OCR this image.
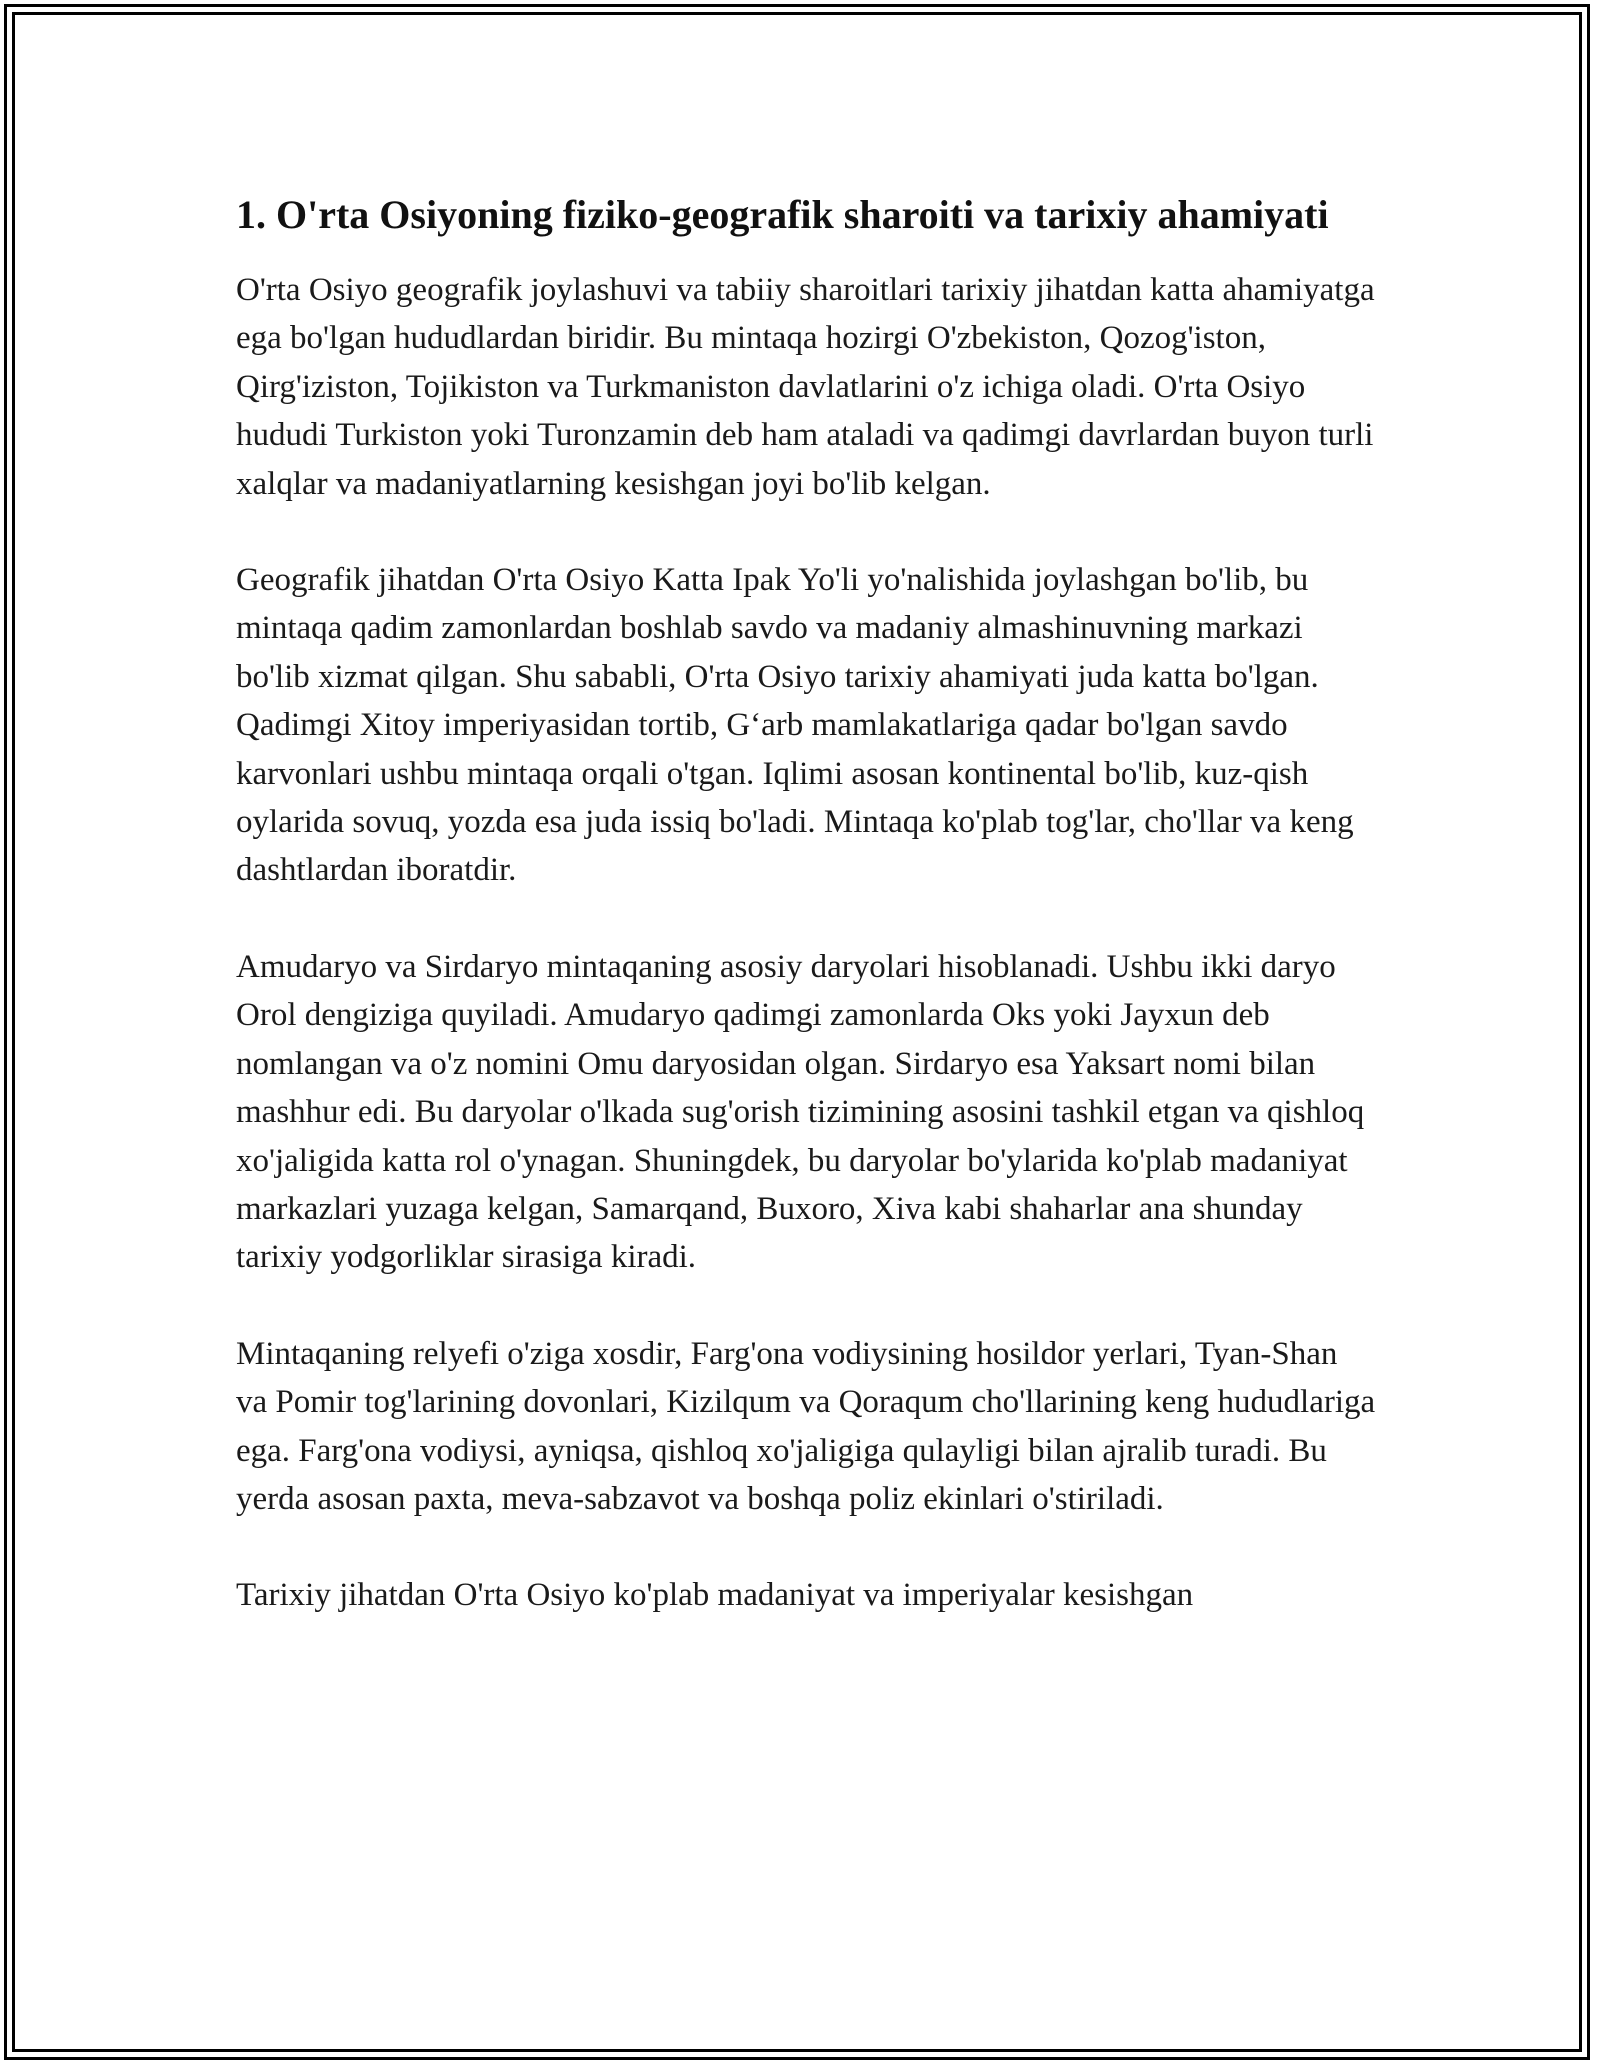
1. O'rta Osiyoning fiziko-geografik sharoiti va tarixiy ahamiyati

O'rta Osiyo geografik joylashuvi va tabiiy sharoitlari tarixiy jihatdan katta ahamiyatga ega bo'lgan hududlardan biridir. Bu mintaqa hozirgi O'zbekiston, Qozog'iston, Qirg'iziston, Tojikiston va Turkmaniston davlatlarini o'z ichiga oladi. O'rta Osiyo hududi Turkiston yoki Turonzamin deb ham ataladi va qadimgi davrlardan buyon turli xalqlar va madaniyatlarning kesishgan joyi bo'lib kelgan.

Geografik jihatdan O'rta Osiyo Katta Ipak Yo'li yo'nalishida joylashgan bo'lib, bu mintaqa qadim zamonlardan boshlab savdo va madaniy almashinuvning markazi bo'lib xizmat qilgan. Shu sababli, O'rta Osiyo tarixiy ahamiyati juda katta bo'lgan. Qadimgi Xitoy imperiyasidan tortib, G‘arb mamlakatlariga qadar bo'lgan savdo karvonlari ushbu mintaqa orqali o'tgan. Iqlimi asosan kontinental bo'lib, kuz-qish oylarida sovuq, yozda esa juda issiq bo'ladi. Mintaqa ko'plab tog'lar, cho'llar va keng dashtlardan iboratdir.

Amudaryo va Sirdaryo mintaqaning asosiy daryolari hisoblanadi. Ushbu ikki daryo Orol dengiziga quyiladi. Amudaryo qadimgi zamonlarda Oks yoki Jayxun deb nomlangan va o'z nomini Omu daryosidan olgan. Sirdaryo esa Yaksart nomi bilan mashhur edi. Bu daryolar o'lkada sug'orish tizimining asosini tashkil etgan va qishloq xo'jaligida katta rol o'ynagan. Shuningdek, bu daryolar bo'ylarida ko'plab madaniyat markazlari yuzaga kelgan, Samarqand, Buxoro, Xiva kabi shaharlar ana shunday tarixiy yodgorliklar sirasiga kiradi.

Mintaqaning relyefi o'ziga xosdir, Farg'ona vodiysining hosildor yerlari, Tyan-Shan va Pomir tog'larining dovonlari, Kizilqum va Qoraqum cho'llarining keng hududlariga ega. Farg'ona vodiysi, ayniqsa, qishloq xo'jaligiga qulayligi bilan ajralib turadi. Bu yerda asosan paxta, meva-sabzavot va boshqa poliz ekinlari o'stiriladi.

Tarixiy jihatdan O'rta Osiyo ko'plab madaniyat va imperiyalar kesishgan
